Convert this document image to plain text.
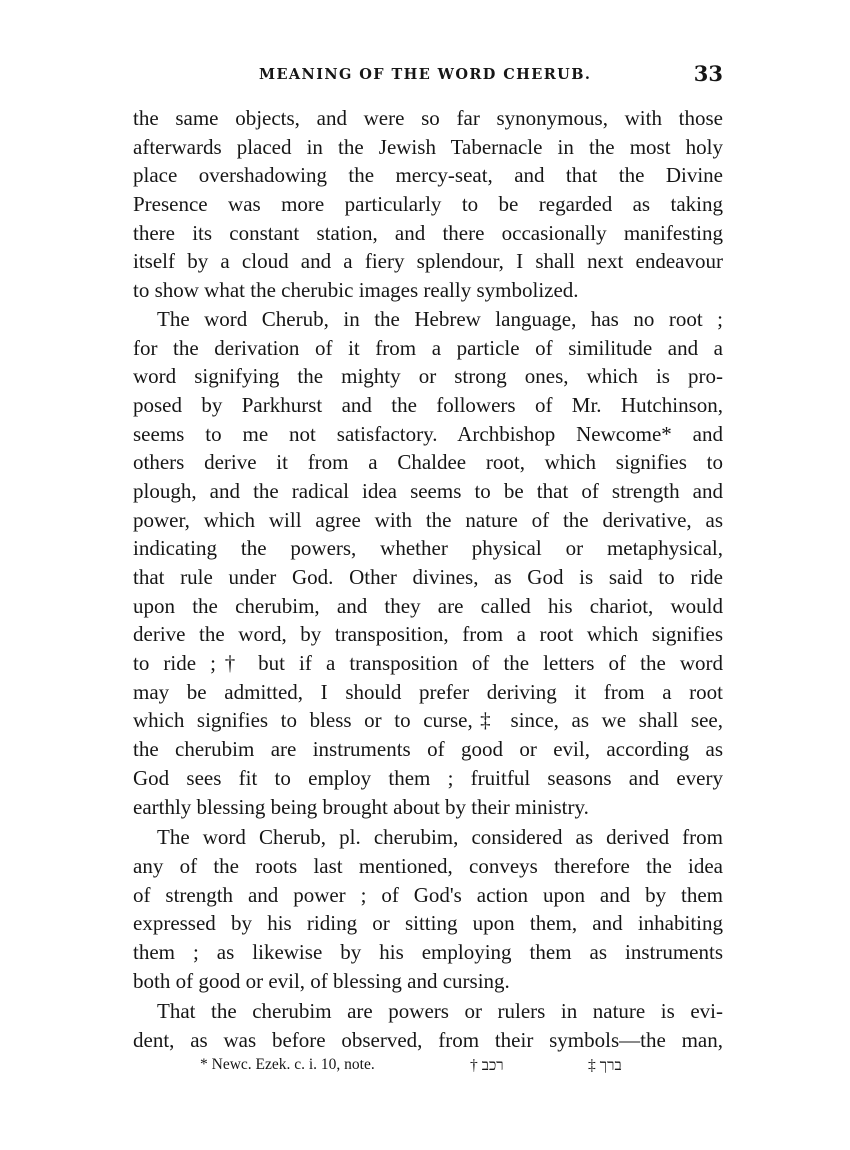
MEANING OF THE WORD CHERUB.	33
the same objects, and were so far synonymous, with those
afterwards placed in the Jewish Tabernacle in the most holy
place overshadowing the mercy-seat, and that the Divine
Presence was more particularly to be regarded as taking
there its constant station, and there occasionally manifesting
itself by a cloud and a fiery splendour, I shall next endeavour
to show what the cherubic images really symbolized.
The word Cherub, in the Hebrew language, has no root ;
for the derivation of it from a particle of similitude and a
word signifying the mighty or strong ones, which is pro-
posed by Parkhurst and the followers of Mr. Hutchinson,
seems to me not satisfactory. Archbishop Newcome* and
others derive it from a Chaldee root, which signifies to
plough, and the radical idea seems to be that of strength and
power, which will agree with the nature of the derivative, as
indicating the powers, whether physical or metaphysical,
that rule under God. Other divines, as God is said to ride
upon the cherubim, and they are called his chariot, would
derive the word, by transposition, from a root which signifies
to ride ;† but if a transposition of the letters of the word
may be admitted, I should prefer deriving it from a root
which signifies to bless or to curse,‡ since, as we shall see,
the cherubim are instruments of good or evil, according as
God sees fit to employ them ; fruitful seasons and every
earthly blessing being brought about by their ministry.
The word Cherub, pl. cherubim, considered as derived from
any of the roots last mentioned, conveys therefore the idea
of strength and power ; of God's action upon and by them
expressed by his riding or sitting upon them, and inhabiting
them ; as likewise by his employing them as instruments
both of good or evil, of blessing and cursing.
That the cherubim are powers or rulers in nature is evi-
dent, as was before observed, from their symbols—the man,
* Newc. Ezek. c. i. 10, note.	† רכב	‡ ברך
